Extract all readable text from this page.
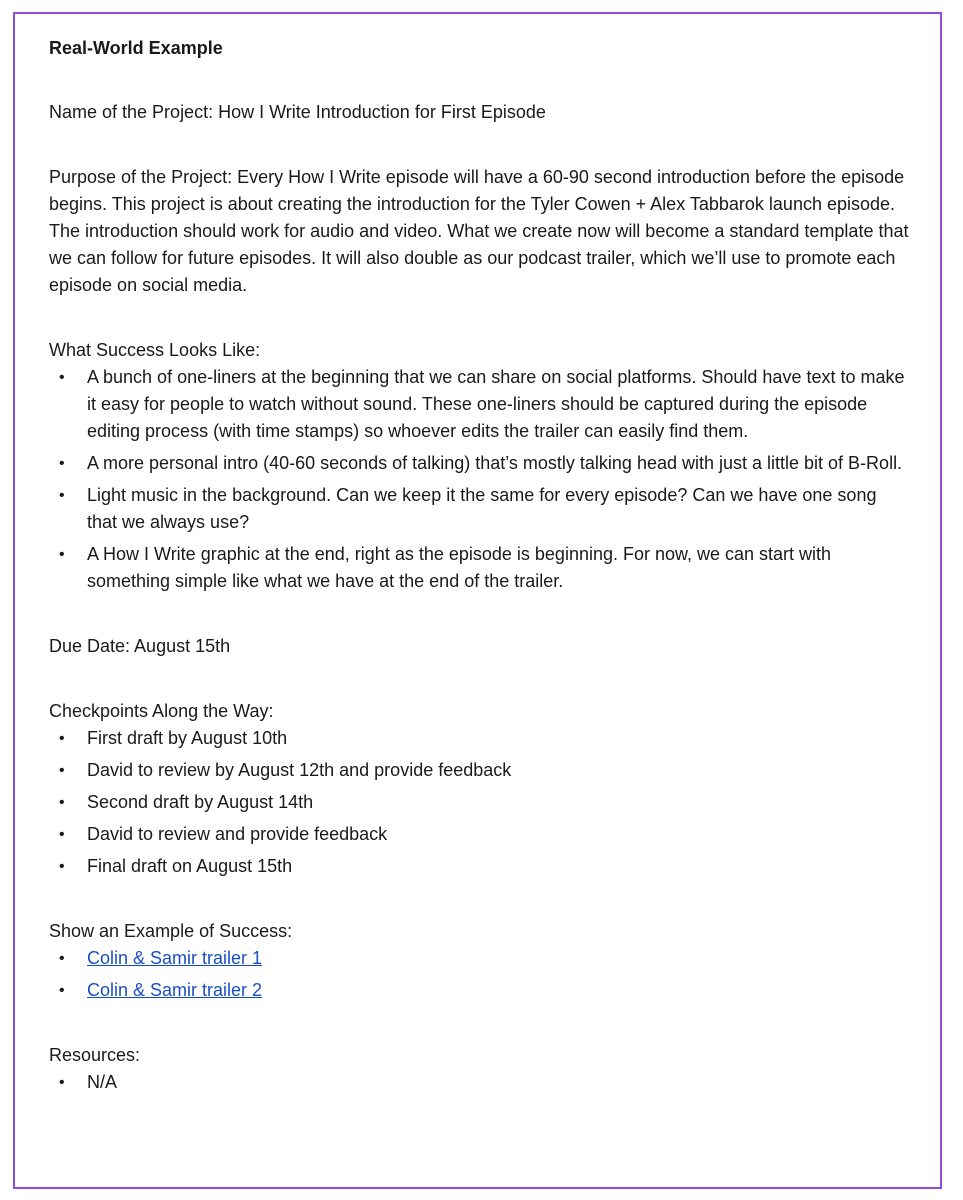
Real-World Example

Name of the Project: How I Write Introduction for First Episode

Purpose of the Project: Every How I Write episode will have a 60-90 second introduction before the episode begins. This project is about creating the introduction for the Tyler Cowen + Alex Tabbarok launch episode. The introduction should work for audio and video. What we create now will become a standard template that we can follow for future episodes. It will also double as our podcast trailer, which we’ll use to promote each episode on social media.

What Success Looks Like:
• A bunch of one-liners at the beginning that we can share on social platforms. Should have text to make it easy for people to watch without sound. These one-liners should be captured during the episode editing process (with time stamps) so whoever edits the trailer can easily find them.
• A more personal intro (40-60 seconds of talking) that’s mostly talking head with just a little bit of B-Roll.
• Light music in the background. Can we keep it the same for every episode? Can we have one song that we always use?
• A How I Write graphic at the end, right as the episode is beginning. For now, we can start with something simple like what we have at the end of the trailer.

Due Date: August 15th

Checkpoints Along the Way:
• First draft by August 10th
• David to review by August 12th and provide feedback
• Second draft by August 14th
• David to review and provide feedback
• Final draft on August 15th
Show an Example of Success:
• Colin & Samir trailer 1
• Colin & Samir trailer 2
Resources:
• N/A
